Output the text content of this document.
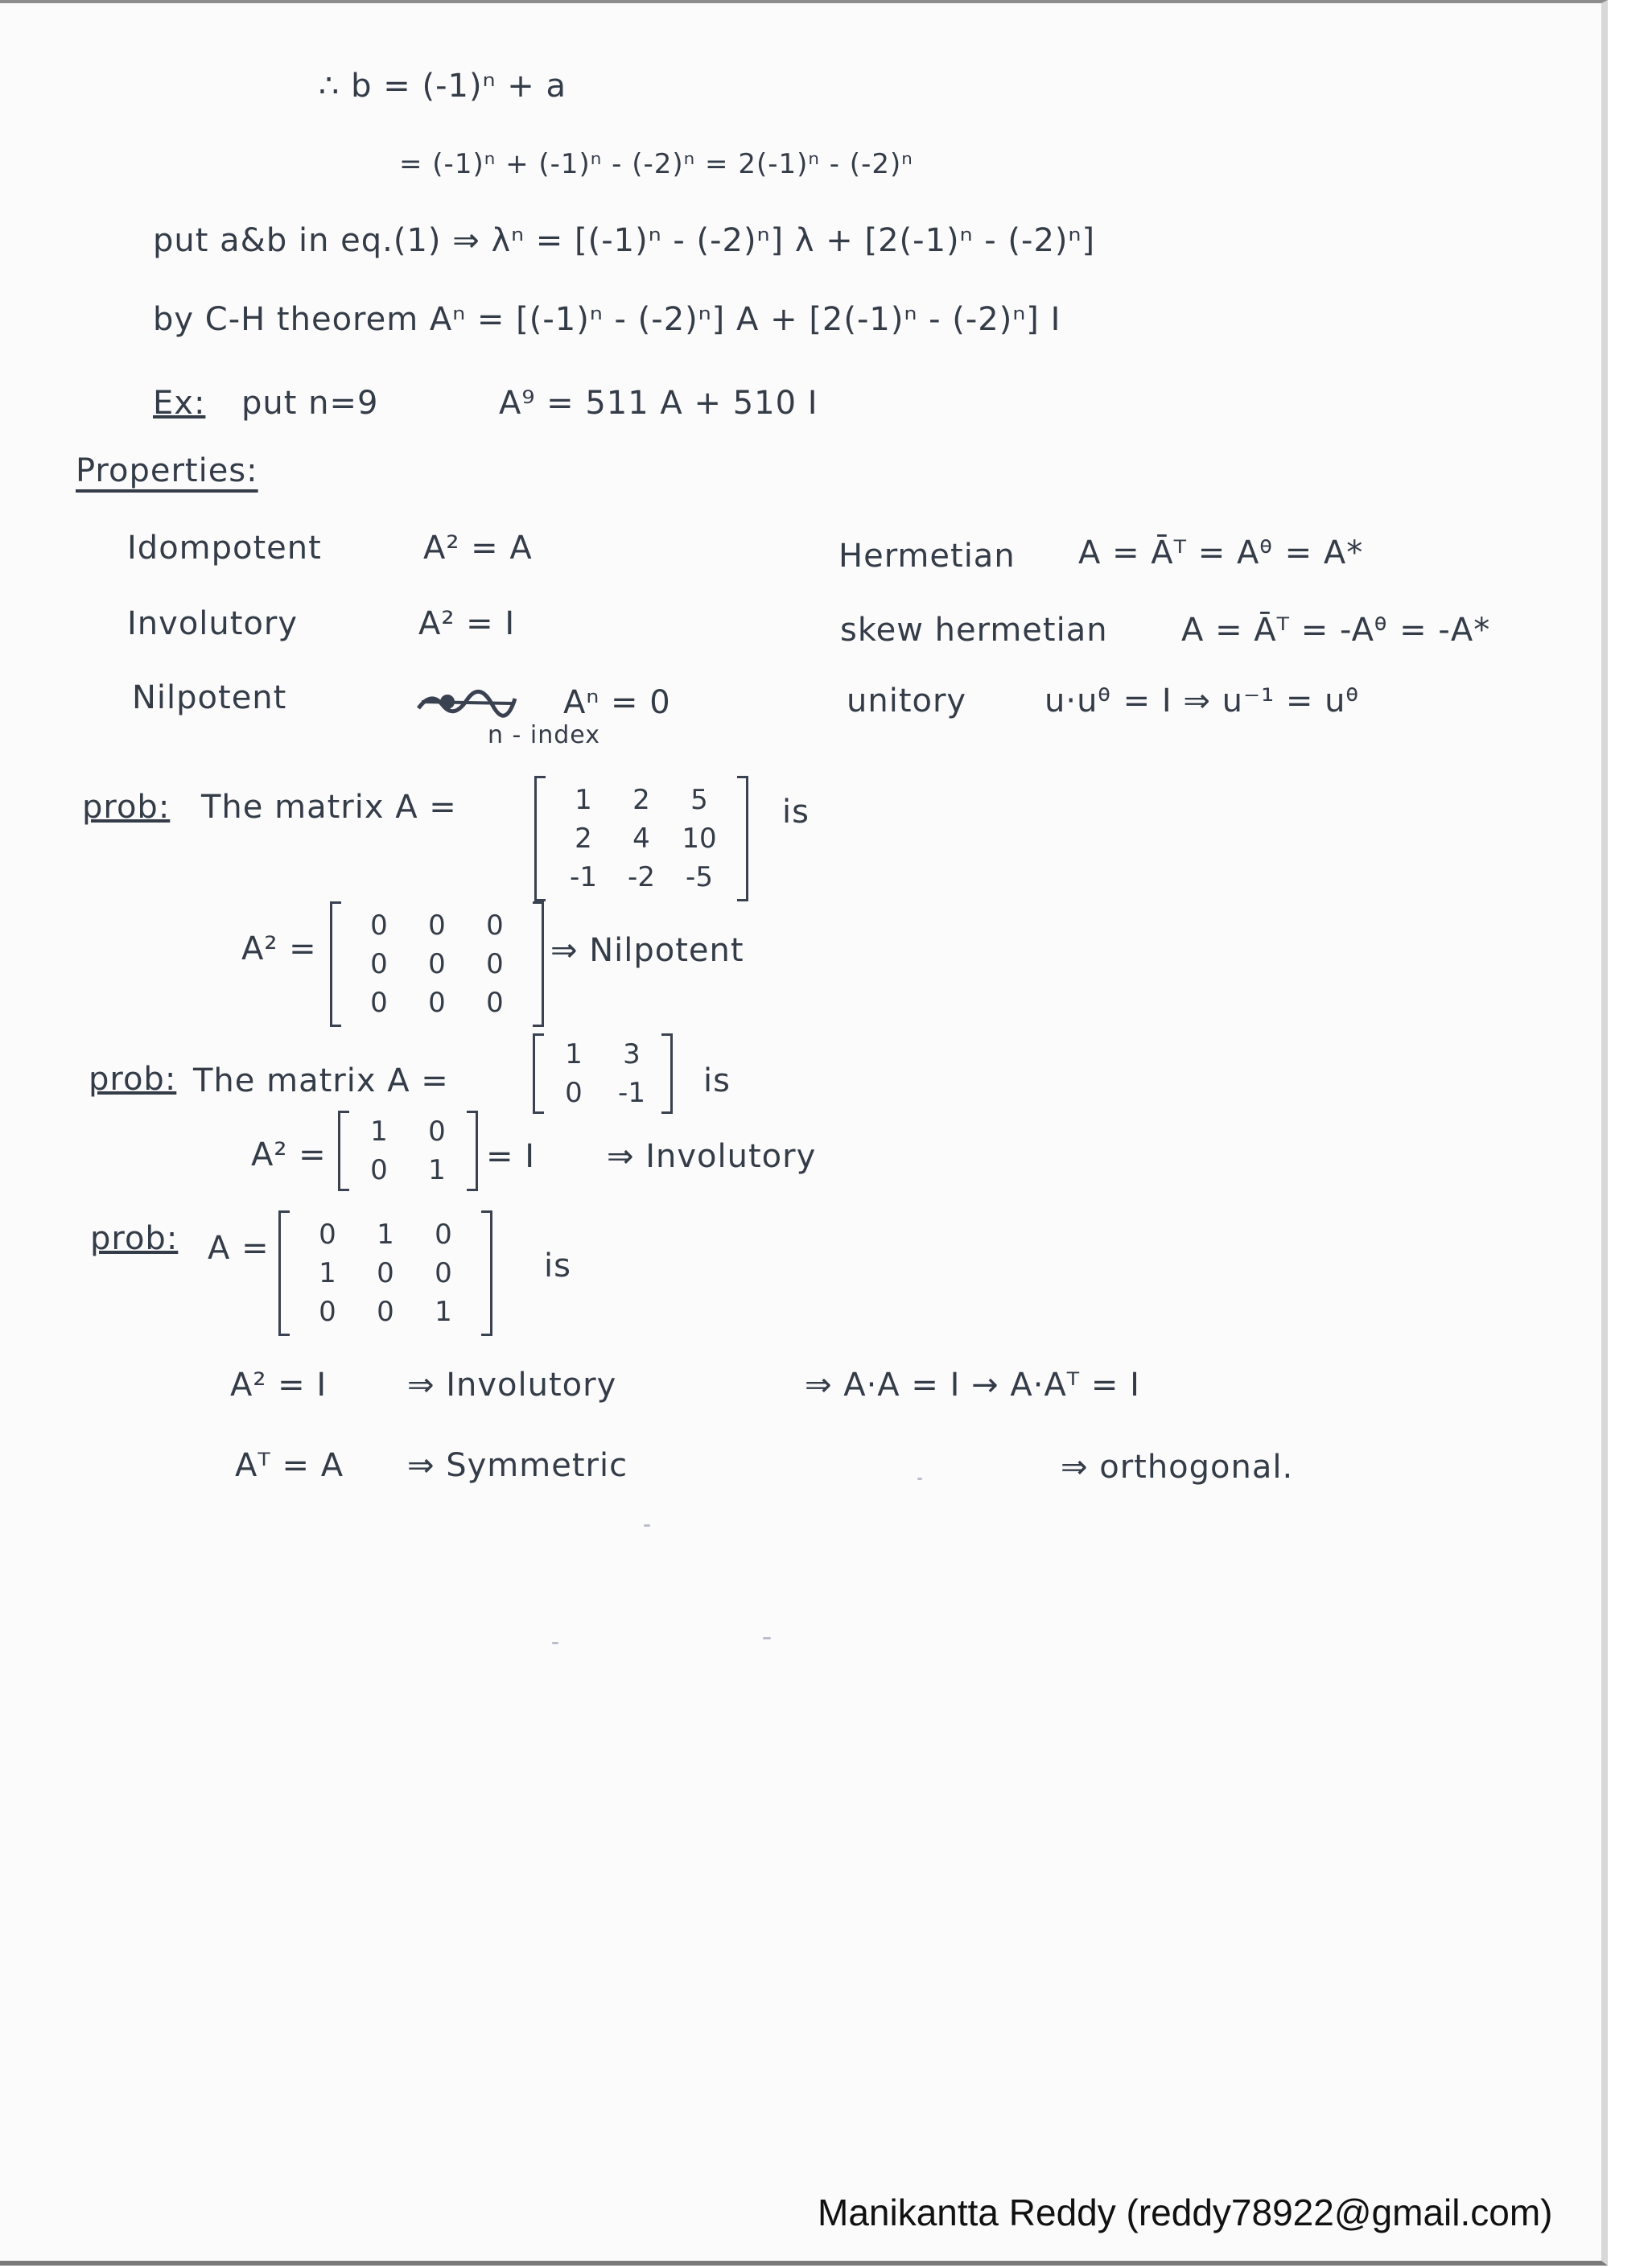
∴ b = (-1)ⁿ + a
= (-1)ⁿ + (-1)ⁿ - (-2)ⁿ = 2(-1)ⁿ - (-2)ⁿ
put a&b in eq.(1) ⇒ λⁿ = [(-1)ⁿ - (-2)ⁿ] λ + [2(-1)ⁿ - (-2)ⁿ]
by C-H theorem Aⁿ = [(-1)ⁿ - (-2)ⁿ] A + [2(-1)ⁿ - (-2)ⁿ] I
Ex: put n=9	A⁹ = 511 A + 510 I
Properties:
Idompotent	A² = A
Involutory	A² = I
Nilpotent	Aⁿ = 0
n - index
Hermetian A = Āᵀ = Aᶿ = A*
skew hermetian A = Āᵀ = -Aᶿ = -A*
unitory u·uᶿ = I ⇒ u⁻¹ = uᶿ
prob: The matrix A =	1	2	5
2	4	10
-1	-2	-5
is
A² =
0	0	0
0	0	0
0	0	0
⇒ Nilpotent
prob: The matrix A =
1	3
0	-1 is
A² =
1	0
0	1 = I ⇒ Involutory
prob: A = 0	1	0
1	0	0
0	0	1
is
A² = I ⇒ Involutory	⇒ A·A = I → A·Aᵀ = I
Aᵀ = A ⇒ Symmetric	⇒ orthogonal.
Manikantta Reddy (reddy78922@gmail.com)
